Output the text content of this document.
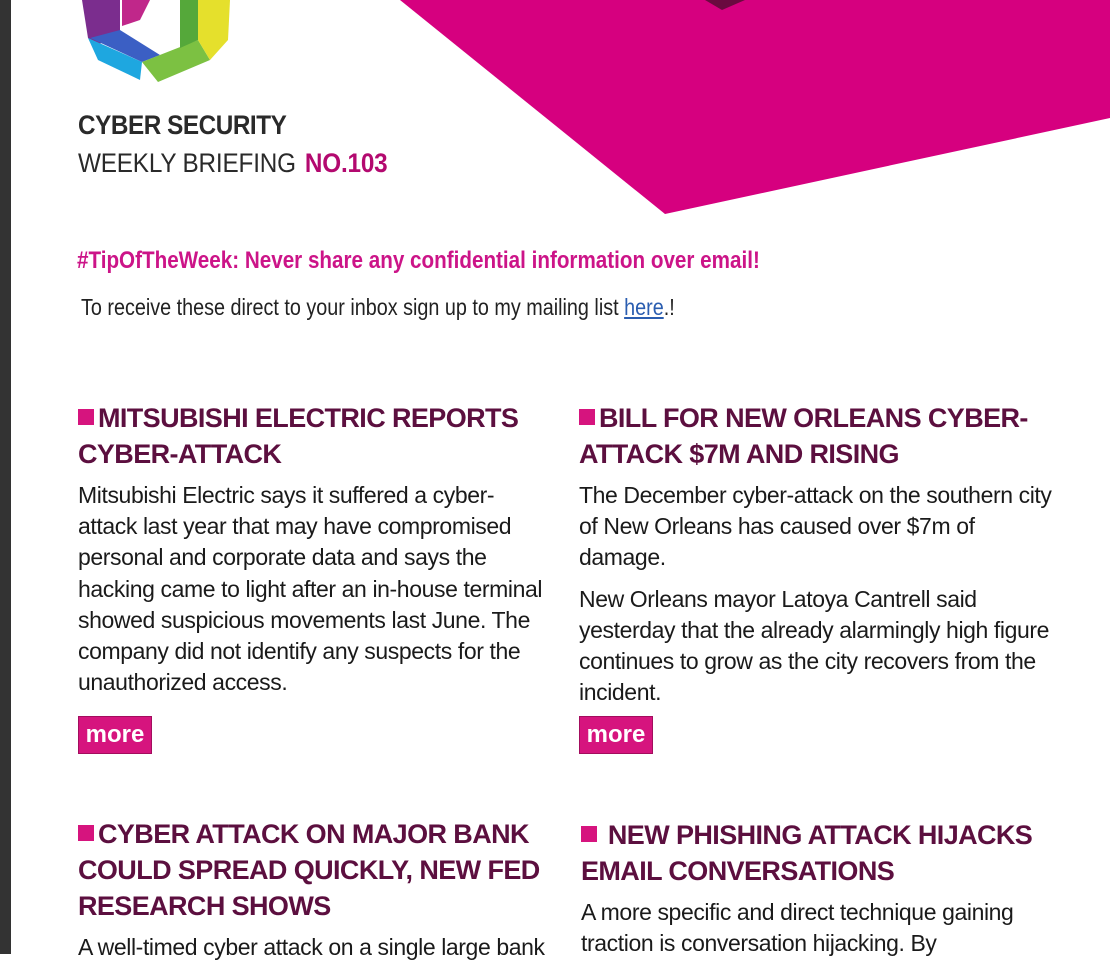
CYBER SECURITY
WEEKLY BRIEFING NO.103
#TipOfTheWeek: Never share any confidential information over email!
To receive these direct to your inbox sign up to my mailing list here.!
MITSUBISHI ELECTRIC REPORTS CYBER-ATTACK

Mitsubishi Electric says it suffered a cyber-attack last year that may have compromised personal and corporate data and says the hacking came to light after an in-house terminal showed suspicious movements last June. The company did not identify any suspects for the unauthorized access.

more
BILL FOR NEW ORLEANS CYBER-ATTACK $7M AND RISING

The December cyber-attack on the southern city of New Orleans has caused over $7m of damage.

New Orleans mayor Latoya Cantrell said yesterday that the already alarmingly high figure continues to grow as the city recovers from the incident.

more
CYBER ATTACK ON MAJOR BANK COULD SPREAD QUICKLY, NEW FED RESEARCH SHOWS

A well-timed cyber attack on a single large bank

NEW PHISHING ATTACK HIJACKS EMAIL CONVERSATIONS

A more specific and direct technique gaining traction is conversation hijacking. By
